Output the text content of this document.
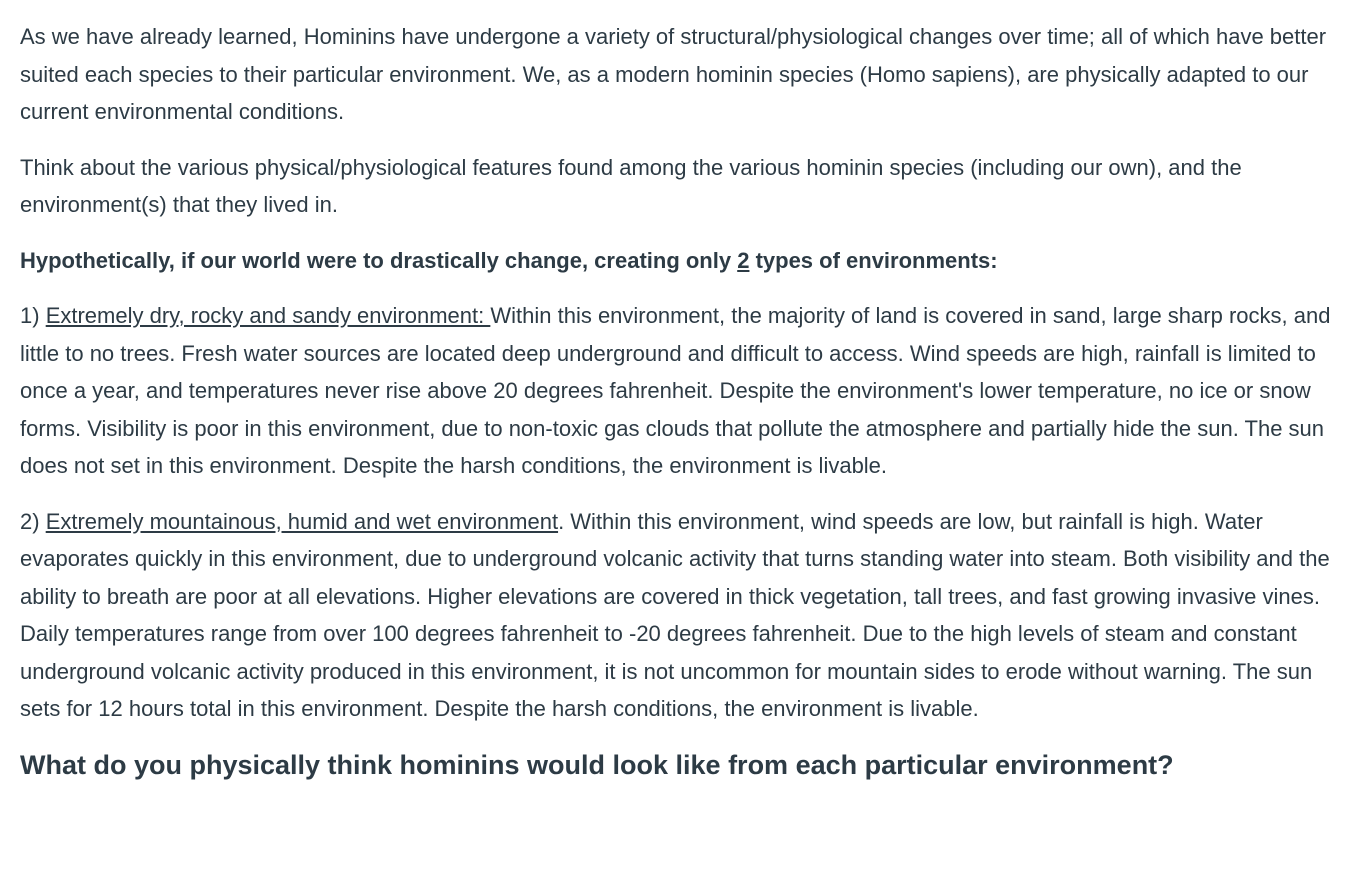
As we have already learned, Hominins have undergone a variety of structural/physiological changes over time; all of which have better suited each species to their particular environment. We, as a modern hominin species (Homo sapiens), are physically adapted to our current environmental conditions.

Think about the various physical/physiological features found among the various hominin species (including our own), and the environment(s) that they lived in.

Hypothetically, if our world were to drastically change, creating only 2 types of environments:

1) Extremely dry, rocky and sandy environment: Within this environment, the majority of land is covered in sand, large sharp rocks, and little to no trees. Fresh water sources are located deep underground and difficult to access. Wind speeds are high, rainfall is limited to once a year, and temperatures never rise above 20 degrees fahrenheit. Despite the environment's lower temperature, no ice or snow forms. Visibility is poor in this environment, due to non-toxic gas clouds that pollute the atmosphere and partially hide the sun. The sun does not set in this environment. Despite the harsh conditions, the environment is livable.

2) Extremely mountainous, humid and wet environment. Within this environment, wind speeds are low, but rainfall is high. Water evaporates quickly in this environment, due to underground volcanic activity that turns standing water into steam. Both visibility and the ability to breath are poor at all elevations. Higher elevations are covered in thick vegetation, tall trees, and fast growing invasive vines. Daily temperatures range from over 100 degrees fahrenheit to -20 degrees fahrenheit. Due to the high levels of steam and constant underground volcanic activity produced in this environment, it is not uncommon for mountain sides to erode without warning. The sun sets for 12 hours total in this environment. Despite the harsh conditions, the environment is livable.

What do you physically think hominins would look like from each particular environment?
